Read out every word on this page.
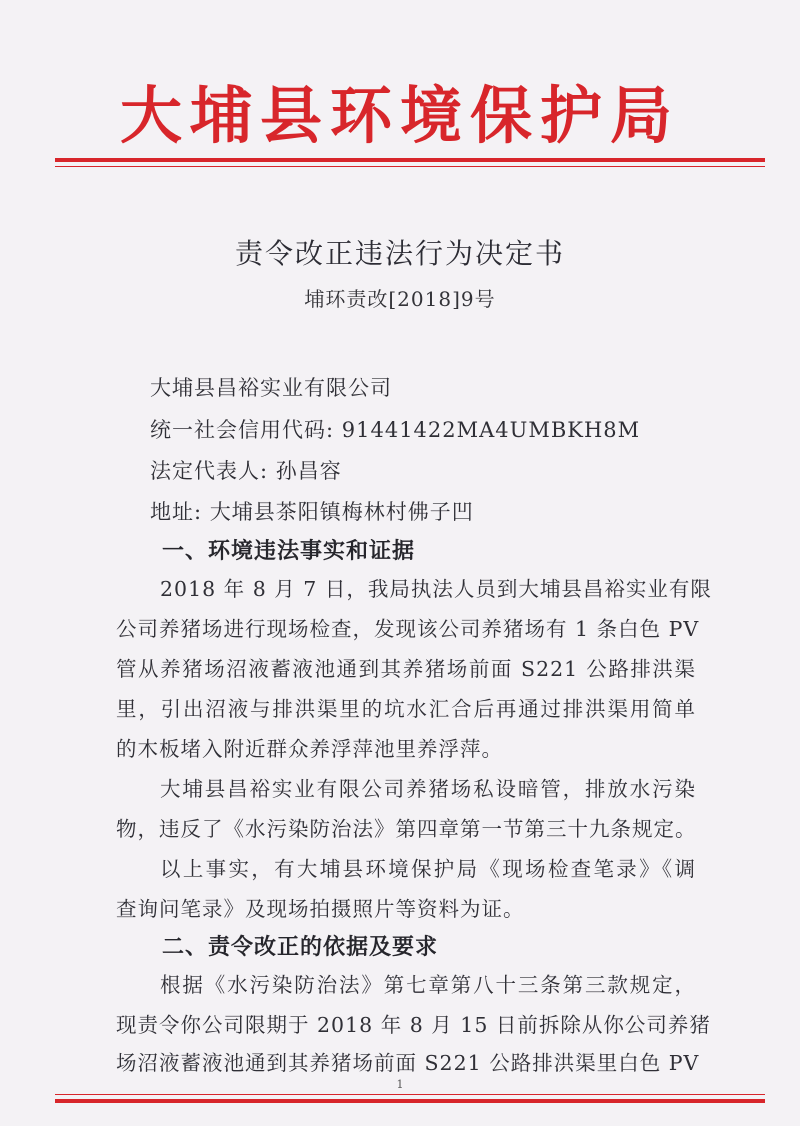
大埔县环境保护局
责令改正违法行为决定书
埔环责改[2018]9号
大埔县昌裕实业有限公司
统一社会信用代码: 91441422MA4UMBKH8M
法定代表人: 孙昌容
地址: 大埔县茶阳镇梅林村佛子凹
一、环境违法事实和证据
2018 年 8 月 7 日，我局执法人员到大埔县昌裕实业有限
公司养猪场进行现场检查，发现该公司养猪场有 1 条白色 PV
管从养猪场沼液蓄液池通到其养猪场前面 S221 公路排洪渠
里，引出沼液与排洪渠里的坑水汇合后再通过排洪渠用简单
的木板堵入附近群众养浮萍池里养浮萍。
大埔县昌裕实业有限公司养猪场私设暗管，排放水污染
物，违反了《水污染防治法》第四章第一节第三十九条规定。
以上事实，有大埔县环境保护局《现场检查笔录》《调
查询问笔录》及现场拍摄照片等资料为证。
二、责令改正的依据及要求
根据《水污染防治法》第七章第八十三条第三款规定，
现责令你公司限期于 2018 年 8 月 15 日前拆除从你公司养猪
场沼液蓄液池通到其养猪场前面 S221 公路排洪渠里白色 PV
1
